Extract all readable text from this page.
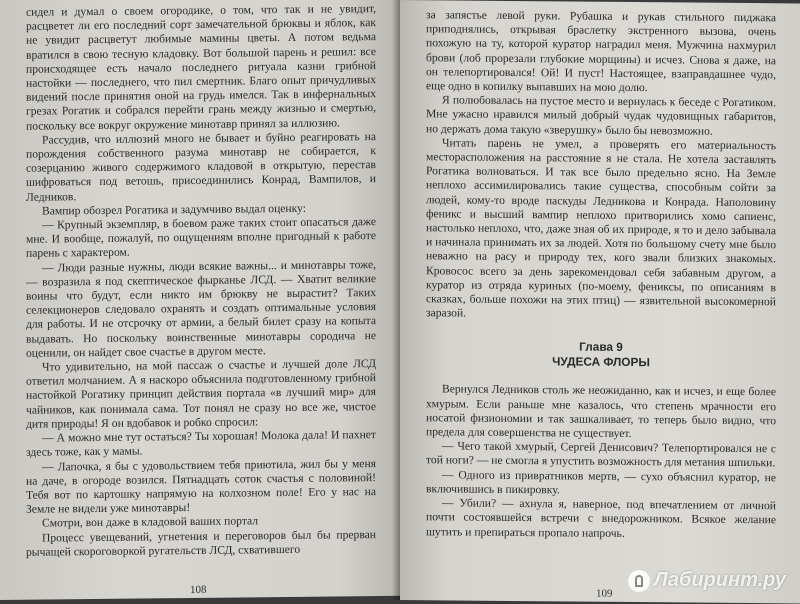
сидел и думал о своем огородике, о том, что так и не увидит, расцветет ли его последний сорт замечательной брюквы и яблок, как не увидит расцветут любимые мамины цветы. А потом ведьма вратился в свою тесную кладовку. Вот большой парень и решил: все происходящее есть начало последнего ритуала казни грибной настойки — последнего, что пил смертник. Благо опыт причудливых видений после принятия оной на грудь имелся. Так в инфернальных грезах Рогатик и собрался перейти грань между жизнью и смертью, поскольку все вокруг окружение минотавр принял за иллюзию.

Рассудив, что иллюзий много не бывает и буйно реагировать на порождения собственного разума минотавр не собирается, к созерцанию живого содержимого кладовой в открытую, перестав шифроваться под ветошь, присоединились Конрад, Вампилов, и Ледников.

Вампир обозрел Рогатика и задумчиво выдал оценку:

— Крупный экземпляр, в боевом раже таких стоит опасаться даже мне. И вообще, пожалуй, по ощущениям вполне пригодный к работе парень с характером.

— Люди разные нужны, люди всякие важны... и минотавры тоже, — возразила я под скептическое фырканье ЛСД. — Хватит великие воины что будут, если никто им брюкву не вырастит? Таких селекционеров следовало охранять и создать оптимальные условия для работы. И не отсрочку от армии, а белый билет сразу на копыта выдавать. Но поскольку воинственные минотавры сородича не оценили, он найдет свое счастье в другом месте.

Что удивительно, на мой пассаж о счастье и лучшей доле ЛСД ответил молчанием. А я наскоро объяснила подготовленному грибной настойкой Рогатику принцип действия портала «в лучший мир» для чайников, как понимала сама. Тот понял не сразу но все же, чистое дитя природы! Я он вдобавок и робко спросил:

— А можно мне тут остаться? Ты хорошая! Молока дала! И пахнет здесь тоже, как у мамы.

— Лапочка, я бы с удовольствием тебя приютила, жил бы у меня на даче, в огороде возился. Пятнадцать соток счастья с половиной! Тебя вот по картошку напрямую на колхозном поле! Его у нас на Земле не видели уже минотавры!

Смотри, вон даже в кладовой ваших портал

Процесс увещеваний, угнетения и переговоров был бы прерван рычащей скороговоркой ругательств ЛСД, схватившего

108

за запястье левой руки. Рубашка и рукав стильного пиджака приподнялись, открывая браслетку экстренного вызова, очень похожую на ту, которой куратор наградил меня. Мужчина нахмурил брови (лоб прорезали глубокие морщины) и исчез. Снова я даже, на он телепортировался! Ой! И пуст! Настоящее, взаправдашнее чудо, еще одно в копилку выпавших на мою долю.

Я полюбовалась на пустое место и вернулась к беседе с Рогатиком. Мне ужасно нравился милый добрый чудак чудовищных габаритов, но держать дома такую «зверушку» было бы невозможно.

Читать парень не умел, а проверять его материальность месторасположения на расстояние я не стала. Не хотела заставлять Рогатика волноваться. И так все было предельно ясно. На Земле неплохо ассимилировались такие существа, способным сойти за людей, кому-то вроде паскуды Ледникова и Конрада. Наполовину феникс и высший вампир неплохо притворились хомо сапиенс, настолько неплохо, что, даже зная об их природе, я то и дело забывала и начинала принимать их за людей. Хотя по большому счету мне было неважно на расу и природу тех, кого звали близких знакомых. Кровосос всего за день зарекомендовал себя забавным другом, а куратор из отряда куриных (по-моему, фениксы, по описаниям в сказках, больше похожи на этих птиц) — язвительной высокомерной заразой.

Глава 9
ЧУДЕСА ФЛОРЫ

Вернулся Ледников столь же неожиданно, как и исчез, и еще более хмурым. Если раньше мне казалось, что степень мрачности его носатой физиономии и так зашкаливает, то теперь было видно, что предела для совершенства не существует.

— Чего такой хмурый, Сергей Денисович? Телепортировался не с той ноги? — не смогла я упустить возможность для метания шпильки.

— Одного из привратников мертв, — сухо объяснил куратор, не включившись в пикировку.

— Убили? — ахнула я, наверное, под впечатлением от личной почти состоявшейся встречи с внедорожником. Всякое желание шутить и препираться пропало напрочь.

109
Лабиринт.ру
